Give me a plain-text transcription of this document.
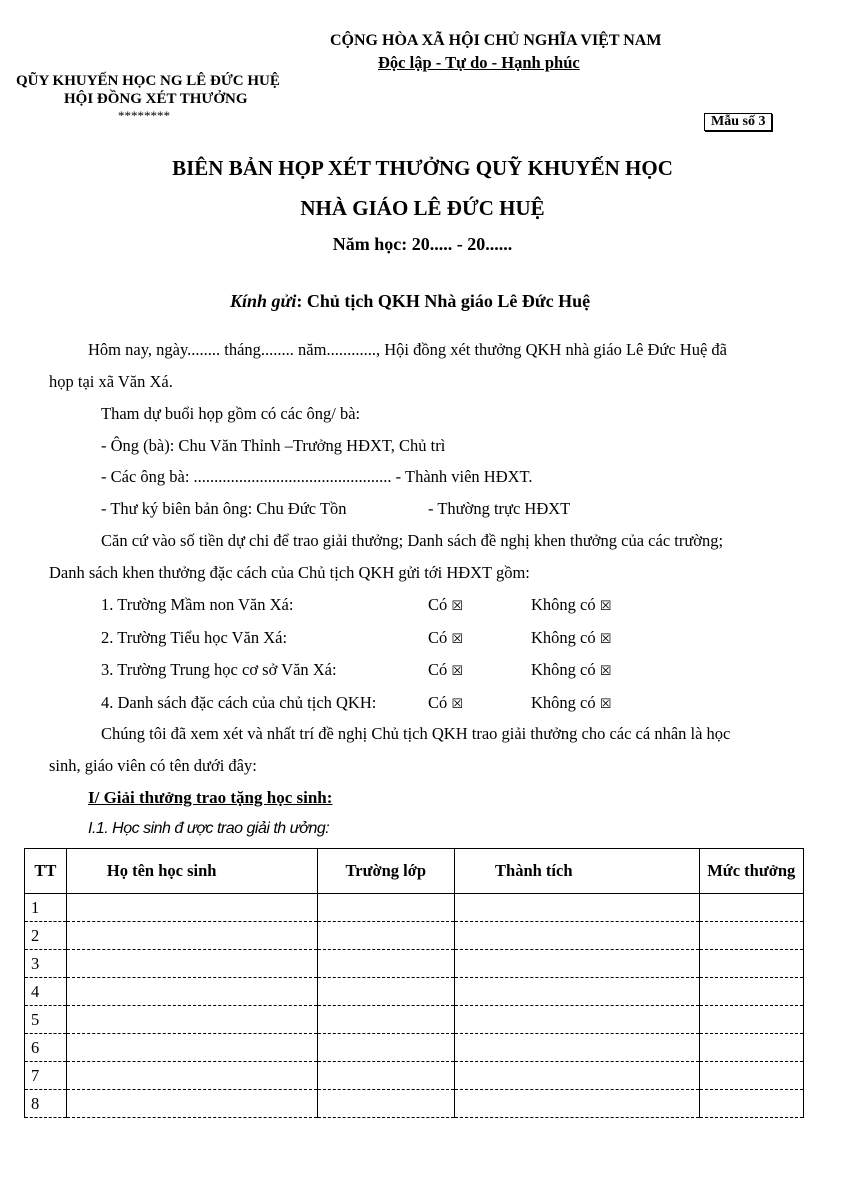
CỘNG HÒA XÃ HỘI CHỦ NGHĨA VIỆT NAM
Độc lập - Tự do - Hạnh phúc
QŨY KHUYẾN HỌC NG LÊ ĐỨC HUỆ
HỘI ĐỒNG XÉT THƯỞNG
********	Mẫu số 3
BIÊN BẢN HỌP XÉT THƯỞNG QUỸ KHUYẾN HỌC
NHÀ GIÁO LÊ ĐỨC HUỆ
Năm học: 20..... - 20......
Kính gửi: Chủ tịch QKH Nhà giáo Lê Đức Huệ
Hôm nay, ngày........ tháng........ năm............, Hội đồng xét thưởng QKH nhà giáo Lê Đức Huệ đã
họp tại xã Văn Xá.
Tham dự buổi họp gồm có các ông/ bà:
- Ông (bà): Chu Văn Thỉnh –Trưởng HĐXT, Chủ trì
- Các ông bà: ................................................ - Thành viên HĐXT.
- Thư ký biên bản ông: Chu Đức Tồn	- Thường trực HĐXT
Căn cứ vào số tiền dự chi để trao giải thưởng; Danh sách đề nghị khen thưởng của các trường;
Danh sách khen thưởng đặc cách của Chủ tịch QKH gửi tới HĐXT gồm:
1. Trường Mầm non Văn Xá:	Có ☒	Không có ☒
2. Trường Tiểu học Văn Xá:	Có ☒	Không có ☒
3. Trường Trung học cơ sở Văn Xá:	Có ☒	Không có ☒
4. Danh sách đặc cách của chủ tịch QKH:	Có ☒	Không có ☒
Chúng tôi đã xem xét và nhất trí đề nghị Chủ tịch QKH trao giải thưởng cho các cá nhân là học
sinh, giáo viên có tên dưới đây:
I/ Giải thưởng trao tặng học sinh:
I.1. Học sinh đ ược trao giải th ưởng:
TT	Họ tên học sinh	Trường lớp	Thành tích	Mức thưởng
1				
2				
3				
4				
5				
6				
7				
8				
